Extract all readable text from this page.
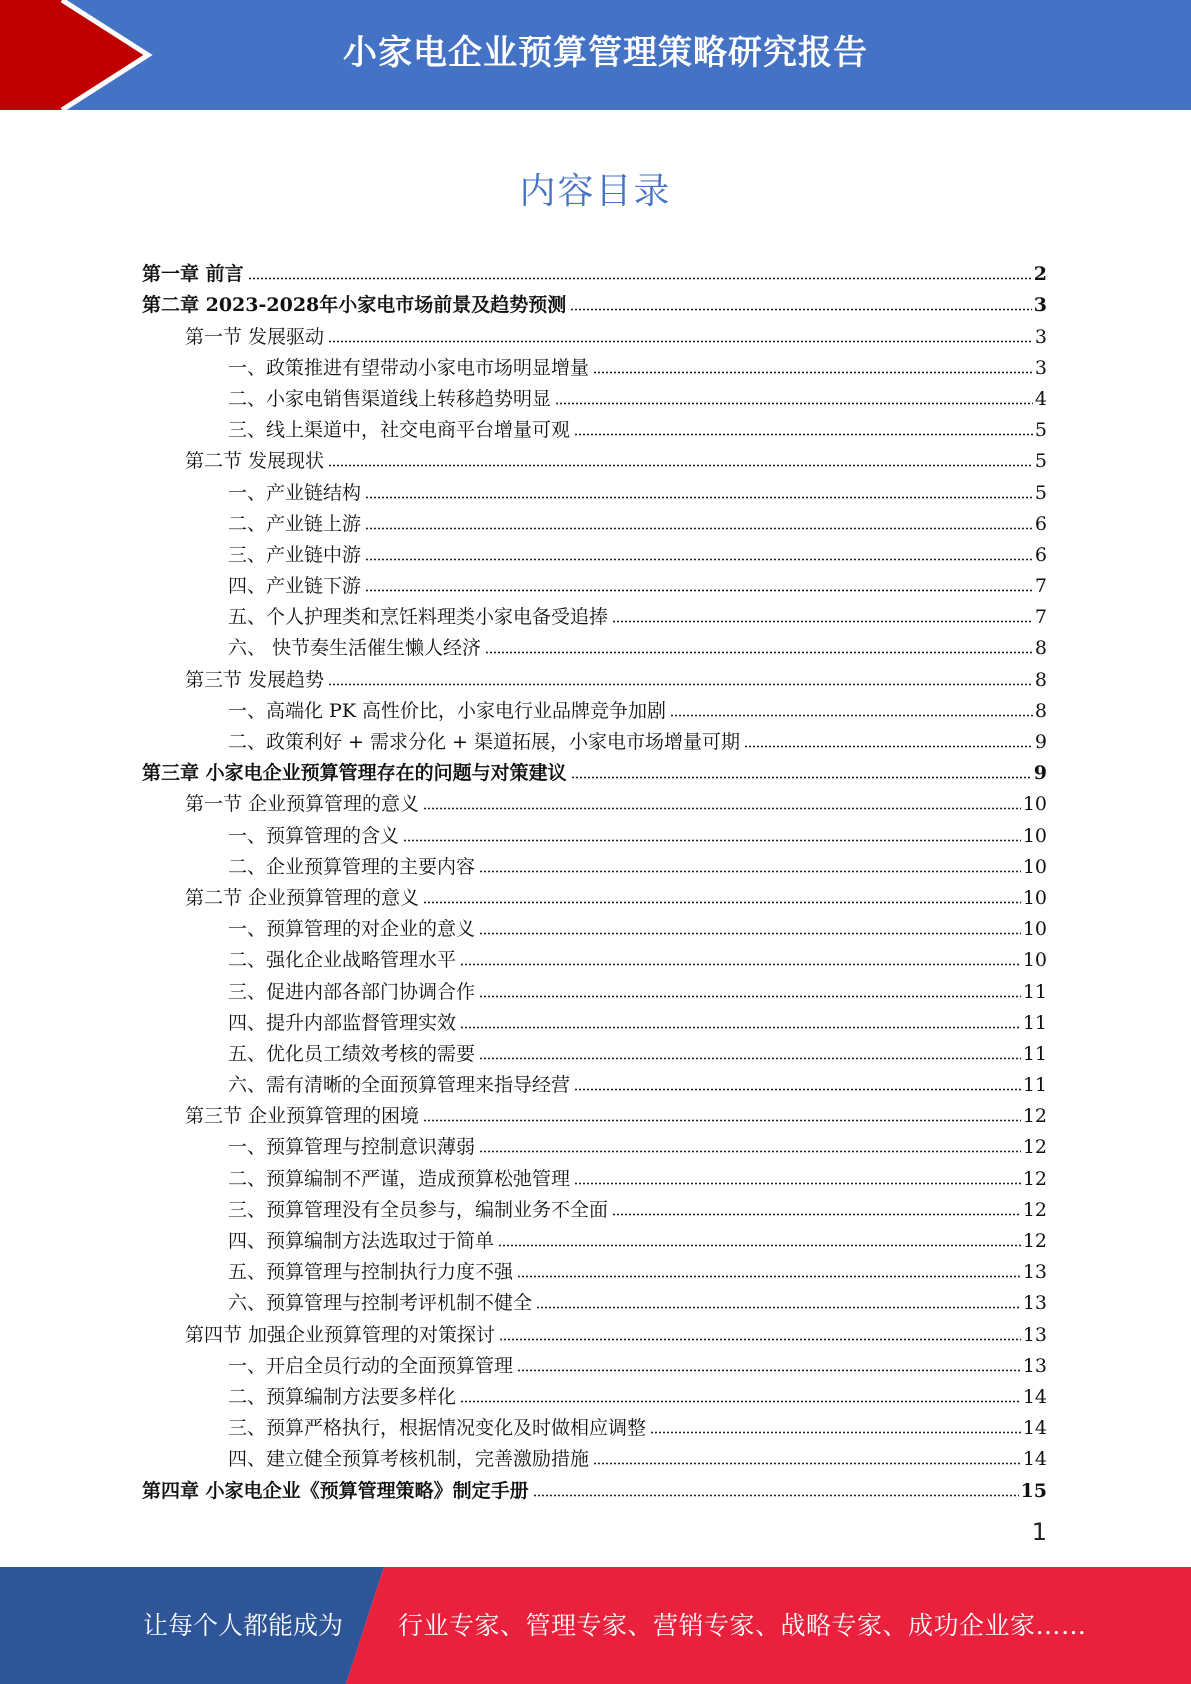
小家电企业预算管理策略研究报告
内容目录
第一章 前言	2
第二章 2023-2028年小家电市场前景及趋势预测	3
第一节 发展驱动	3
一、政策推进有望带动小家电市场明显增量	3
二、小家电销售渠道线上转移趋势明显	4
三、线上渠道中，社交电商平台增量可观	5
第二节 发展现状	5
一、产业链结构	5
二、产业链上游	6
三、产业链中游	6
四、产业链下游	7
五、个人护理类和烹饪料理类小家电备受追捧	7
六、 快节奏生活催生懒人经济	8
第三节 发展趋势	8
一、高端化 PK 高性价比，小家电行业品牌竞争加剧	8
二、政策利好 + 需求分化 + 渠道拓展，小家电市场增量可期	9
第三章 小家电企业预算管理存在的问题与对策建议	9
第一节 企业预算管理的意义	10
一、预算管理的含义	10
二、企业预算管理的主要内容	10
第二节 企业预算管理的意义	10
一、预算管理的对企业的意义	10
二、强化企业战略管理水平	10
三、促进内部各部门协调合作	11
四、提升内部监督管理实效	11
五、优化员工绩效考核的需要	11
六、需有清晰的全面预算管理来指导经营	11
第三节 企业预算管理的困境	12
一、预算管理与控制意识薄弱	12
二、预算编制不严谨，造成预算松弛管理	12
三、预算管理没有全员参与，编制业务不全面	12
四、预算编制方法选取过于简单	12
五、预算管理与控制执行力度不强	13
六、预算管理与控制考评机制不健全	13
第四节 加强企业预算管理的对策探讨	13
一、开启全员行动的全面预算管理	13
二、预算编制方法要多样化	14
三、预算严格执行，根据情况变化及时做相应调整	14
四、建立健全预算考核机制，完善激励措施	14
第四章 小家电企业《预算管理策略》制定手册	15
1
让每个人都能成为 行业专家、管理专家、营销专家、战略专家、成功企业家……
